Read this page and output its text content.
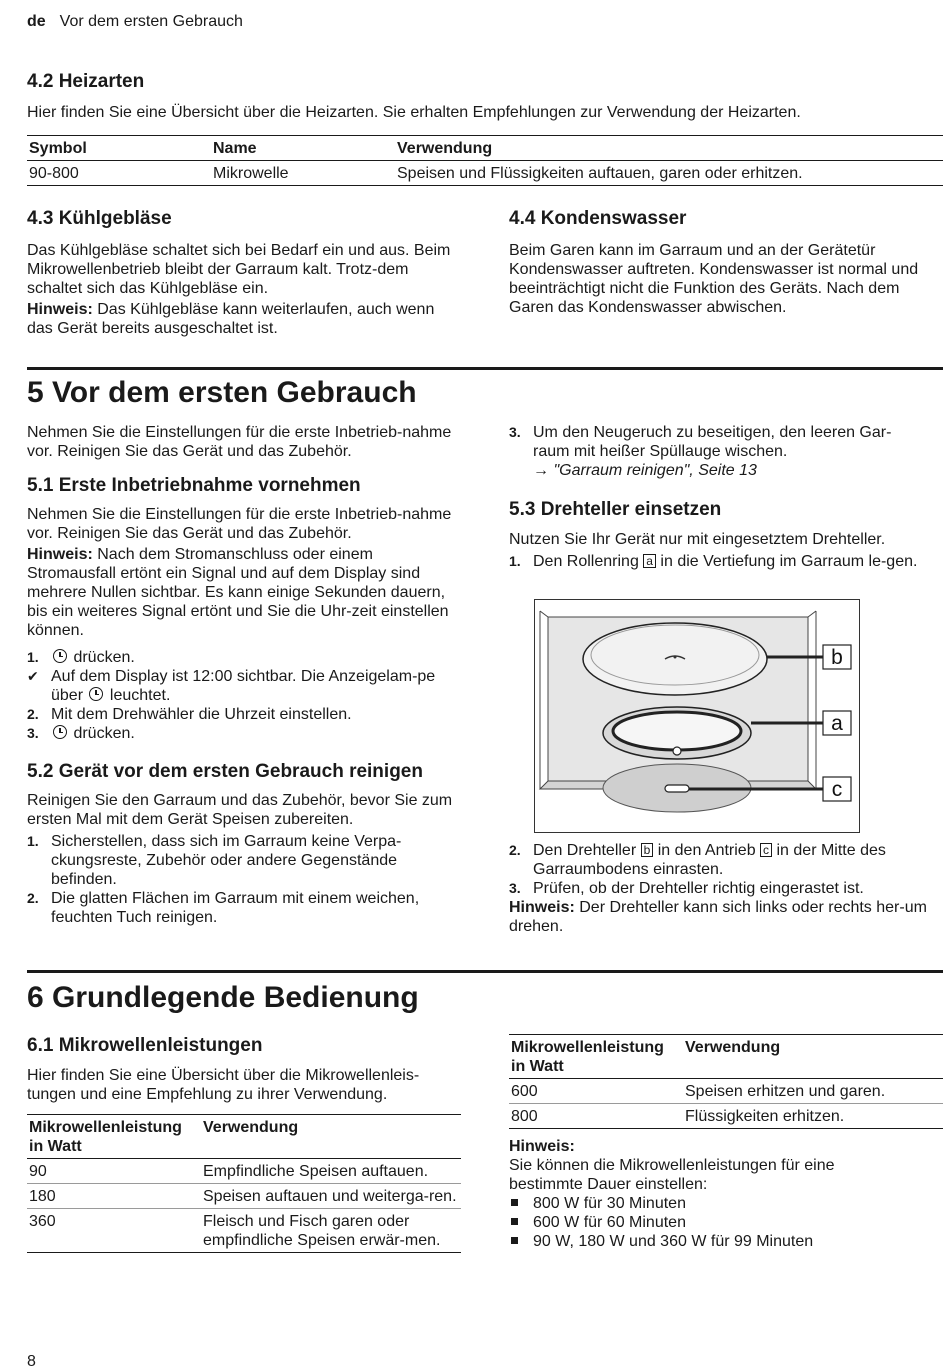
de Vor dem ersten Gebrauch
4.2 Heizarten

Hier finden Sie eine Übersicht über die Heizarten. Sie erhalten Empfehlungen zur Verwendung der Heizarten.

Symbol	Name	Verwendung
90-800	Mikrowelle	Speisen und Flüssigkeiten auftauen, garen oder erhitzen.
4.3 Kühlgebläse

Das Kühlgebläse schaltet sich bei Bedarf ein und aus. Beim Mikrowellenbetrieb bleibt der Garraum kalt. Trotz-dem schaltet sich das Kühlgebläse ein.

Hinweis: Das Kühlgebläse kann weiterlaufen, auch wenn das Gerät bereits ausgeschaltet ist.

4.4 Kondenswasser

Beim Garen kann im Garraum und an der Gerätetür Kondenswasser auftreten. Kondenswasser ist normal und beeinträchtigt nicht die Funktion des Geräts. Nach dem Garen das Kondenswasser abwischen.

5 Vor dem ersten Gebrauch

Nehmen Sie die Einstellungen für die erste Inbetrieb-nahme vor. Reinigen Sie das Gerät und das Zubehör.

5.1 Erste Inbetriebnahme vornehmen

Nehmen Sie die Einstellungen für die erste Inbetrieb-nahme vor. Reinigen Sie das Gerät und das Zubehör.

Hinweis: Nach dem Stromanschluss oder einem Stromausfall ertönt ein Signal und auf dem Display sind mehrere Nullen sichtbar. Es kann einige Sekunden dauern, bis ein weiteres Signal ertönt und Sie die Uhr-zeit einstellen können.

1.	drücken.
✔ Auf dem Display ist 12:00 sichtbar. Die Anzeigelam-pe über  leuchtet.
2. Mit dem Drehwähler die Uhrzeit einstellen.
3.	drücken.
5.2 Gerät vor dem ersten Gebrauch reinigen

Reinigen Sie den Garraum und das Zubehör, bevor Sie zum ersten Mal mit dem Gerät Speisen zubereiten.

1. Sicherstellen, dass sich im Garraum keine Verpa-ckungsreste, Zubehör oder andere Gegenstände befinden.
2. Die glatten Flächen im Garraum mit einem weichen, feuchten Tuch reinigen.
3. Um den Neugeruch zu beseitigen, den leeren Gar-raum mit heißer Spüllauge wischen.
→ "Garraum reinigen", Seite 13
5.3 Drehteller einsetzen

Nutzen Sie Ihr Gerät nur mit eingesetztem Drehteller.

1. Den Rollenring a in die Vertiefung im Garraum le-gen.
b
a
c
2. Den Drehteller b in den Antrieb c in der Mitte des Garraumbodens einrasten.
3. Prüfen, ob der Drehteller richtig eingerastet ist.

Hinweis: Der Drehteller kann sich links oder rechts her-um drehen.

6 Grundlegende Bedienung
6.1 Mikrowellenleistungen

Hier finden Sie eine Übersicht über die Mikrowellenleis-tungen und eine Empfehlung zu ihrer Verwendung.

Mikrowellenleistung in Watt	Verwendung
90	Empfindliche Speisen auftauen.
180	Speisen auftauen und weiterga-ren.
360	Fleisch und Fisch garen oder empfindliche Speisen erwär-men.
Mikrowellenleistung in Watt	Verwendung
600	Speisen erhitzen und garen.
800	Flüssigkeiten erhitzen.

Hinweis:

Sie können die Mikrowellenleistungen für eine bestimmte Dauer einstellen:

800 W für 30 Minuten
600 W für 60 Minuten
90 W, 180 W und 360 W für 99 Minuten
8
